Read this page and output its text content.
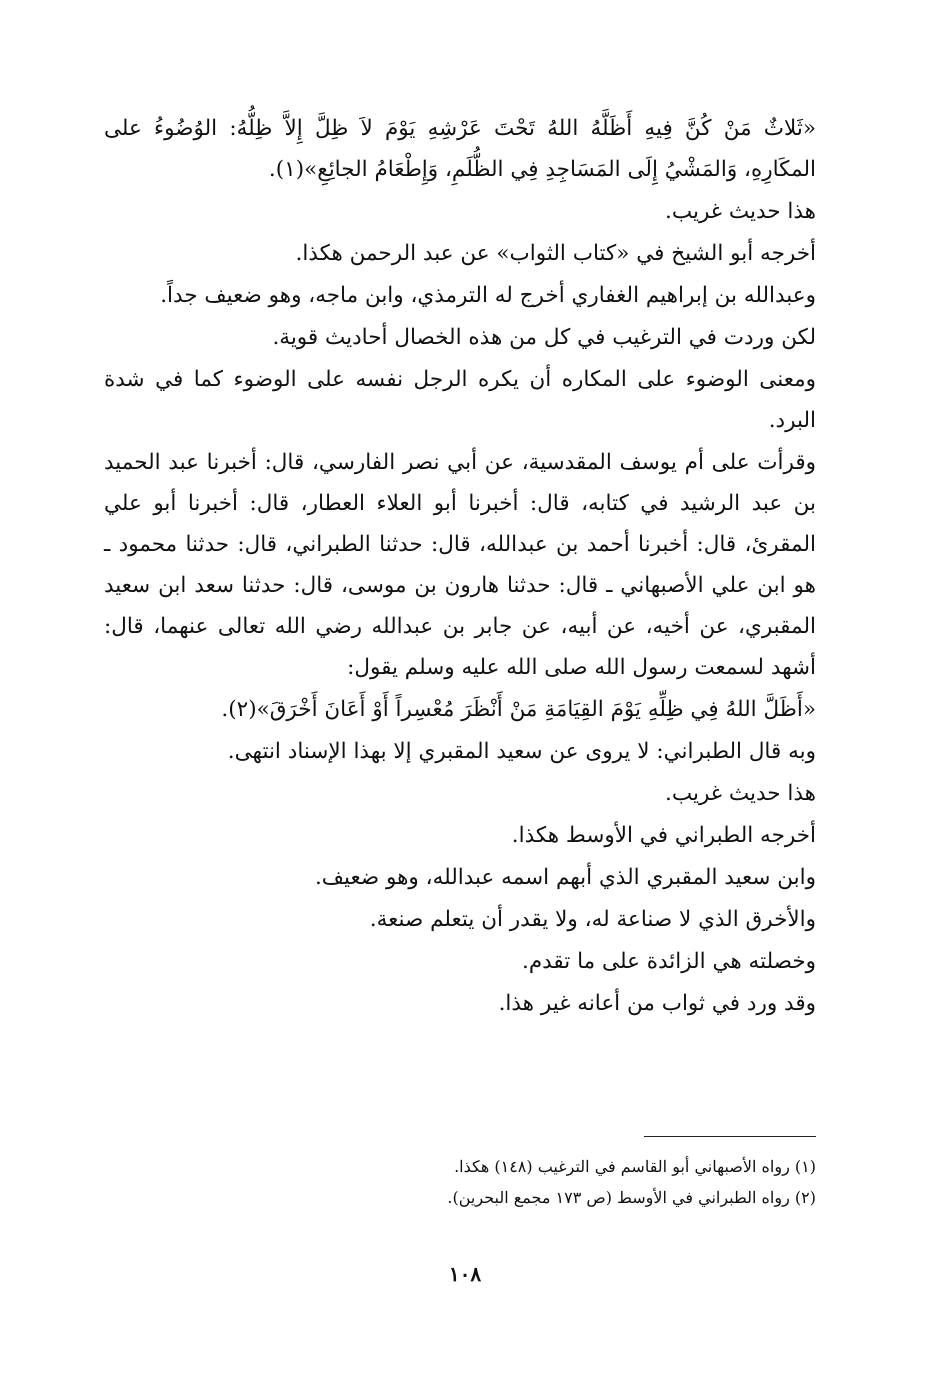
«ثَلاثٌ مَنْ كُنَّ فِيهِ أَظَلَّهُ اللهُ تَحْتَ عَرْشِهِ يَوْمَ لاَ ظِلَّ إِلاَّ ظِلُّهُ: الوُضُوءُ على المكَارِهِ، وَالمَشْيُ إِلَى المَسَاجِدِ فِي الظُّلَمِ، وَإِطْعَامُ الجائِعِ»(١).

هذا حديث غريب.

أخرجه أبو الشيخ في «كتاب الثواب» عن عبد الرحمن هكذا.

وعبدالله بن إبراهيم الغفاري أخرج له الترمذي، وابن ماجه، وهو ضعيف جداً.

لكن وردت في الترغيب في كل من هذه الخصال أحاديث قوية.

ومعنى الوضوء على المكاره أن يكره الرجل نفسه على الوضوء كما في شدة البرد.

وقرأت على أم يوسف المقدسية، عن أبي نصر الفارسي، قال: أخبرنا عبد الحميد بن عبد الرشيد في كتابه، قال: أخبرنا أبو العلاء العطار، قال: أخبرنا أبو علي المقرئ، قال: أخبرنا أحمد بن عبدالله، قال: حدثنا الطبراني، قال: حدثنا محمود ـ هو ابن علي الأصبهاني ـ قال: حدثنا هارون بن موسى، قال: حدثنا سعد ابن سعيد المقبري، عن أخيه، عن أبيه، عن جابر بن عبدالله رضي الله تعالى عنهما، قال: أشهد لسمعت رسول الله صلى الله عليه وسلم يقول:

«أَظَلَّ اللهُ فِي ظِلِّهِ يَوْمَ القِيَامَةِ مَنْ أَنْظَرَ مُعْسِراً أَوْ أَعَانَ أَخْرَقَ»(٢).

وبه قال الطبراني: لا يروى عن سعيد المقبري إلا بهذا الإسناد انتهى.

هذا حديث غريب.

أخرجه الطبراني في الأوسط هكذا.

وابن سعيد المقبري الذي أبهم اسمه عبدالله، وهو ضعيف.

والأخرق الذي لا صناعة له، ولا يقدر أن يتعلم صنعة.

وخصلته هي الزائدة على ما تقدم.

وقد ورد في ثواب من أعانه غير هذا.

(١) رواه الأصبهاني أبو القاسم في الترغيب (١٤٨) هكذا.

(٢) رواه الطبراني في الأوسط (ص ١٧٣ مجمع البحرين).

١٠٨
